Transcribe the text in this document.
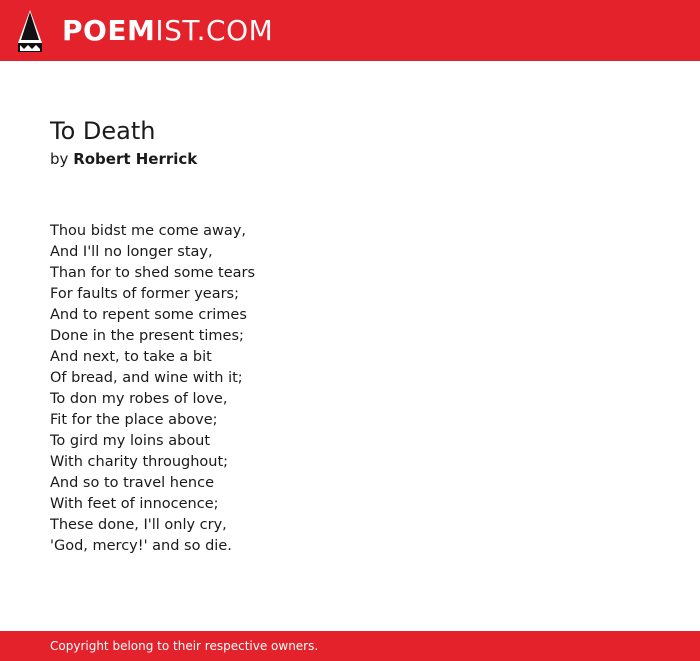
POEM IST.COM
To Death
by Robert Herrick
Thou bidst me come away,
And I'll no longer stay,
Than for to shed some tears
For faults of former years;
And to repent some crimes
Done in the present times;
And next, to take a bit
Of bread, and wine with it;
To don my robes of love,
Fit for the place above;
To gird my loins about
With charity throughout;
And so to travel hence
With feet of innocence;
These done, I'll only cry,
'God, mercy!' and so die.
Copyright belong to their respective owners.
